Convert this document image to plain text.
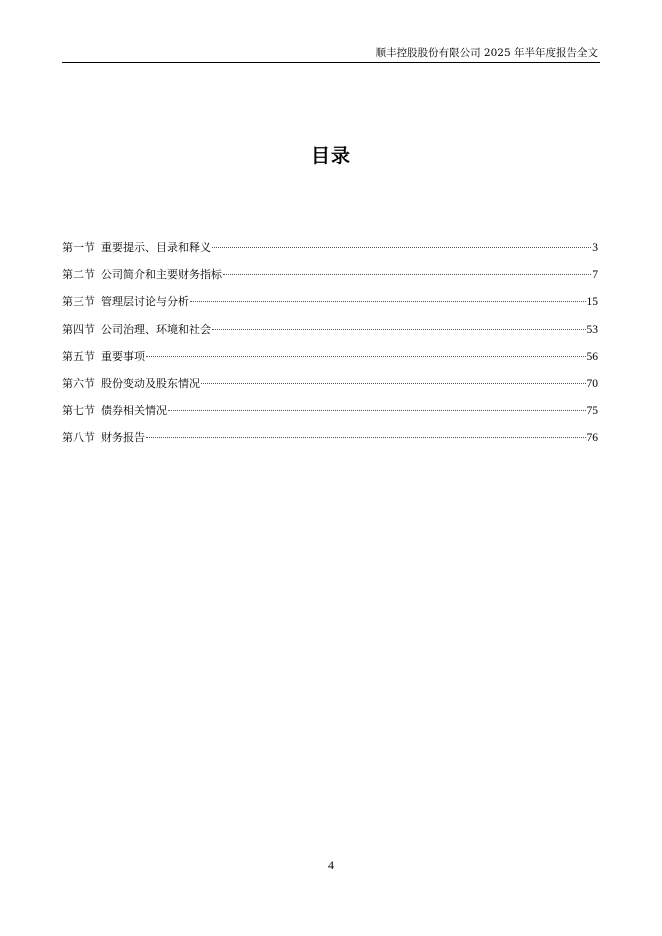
顺丰控股股份有限公司 2025 年半年度报告全文
目录
第一节 重要提示、目录和释义	3
第二节 公司简介和主要财务指标	7
第三节 管理层讨论与分析	15
第四节 公司治理、环境和社会	53
第五节 重要事项	56
第六节 股份变动及股东情况	70
第七节 债券相关情况	75
第八节 财务报告	76
4
